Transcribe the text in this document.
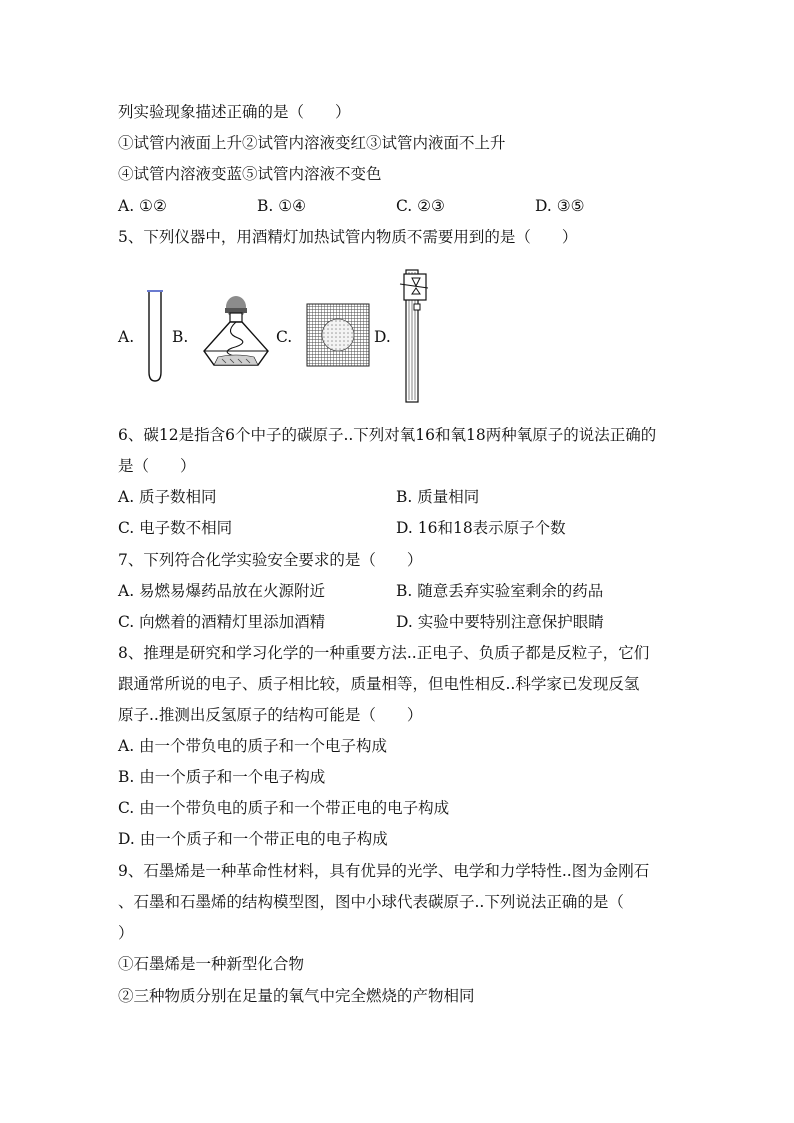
列实验现象描述正确的是（　　）
①试管内液面上升②试管内溶液变红③试管内液面不上升
④试管内溶液变蓝⑤试管内溶液不变色
A. ①②	B. ①④	C. ②③	D. ③⑤
5、下列仪器中，用酒精灯加热试管内物质不需要用到的是（　　）
A. B.	C.	D.
6、碳12是指含6个中子的碳原子..下列对氧16和氧18两种氧原子的说法正确的
是（　　）
A. 质子数相同	B. 质量相同
C. 电子数不相同	D. 16和18表示原子个数
7、下列符合化学实验安全要求的是（　　）
A. 易燃易爆药品放在火源附近	B. 随意丢弃实验室剩余的药品
C. 向燃着的酒精灯里添加酒精	D. 实验中要特别注意保护眼睛
8、推理是研究和学习化学的一种重要方法..正电子、负质子都是反粒子，它们
跟通常所说的电子、质子相比较，质量相等，但电性相反..科学家已发现反氢
原子..推测出反氢原子的结构可能是（　　）
A. 由一个带负电的质子和一个电子构成
B. 由一个质子和一个电子构成
C. 由一个带负电的质子和一个带正电的电子构成
D. 由一个质子和一个带正电的电子构成
9、石墨烯是一种革命性材料，具有优异的光学、电学和力学特性..图为金刚石
、石墨和石墨烯的结构模型图，图中小球代表碳原子..下列说法正确的是（
）
①石墨烯是一种新型化合物
②三种物质分别在足量的氧气中完全燃烧的产物相同
